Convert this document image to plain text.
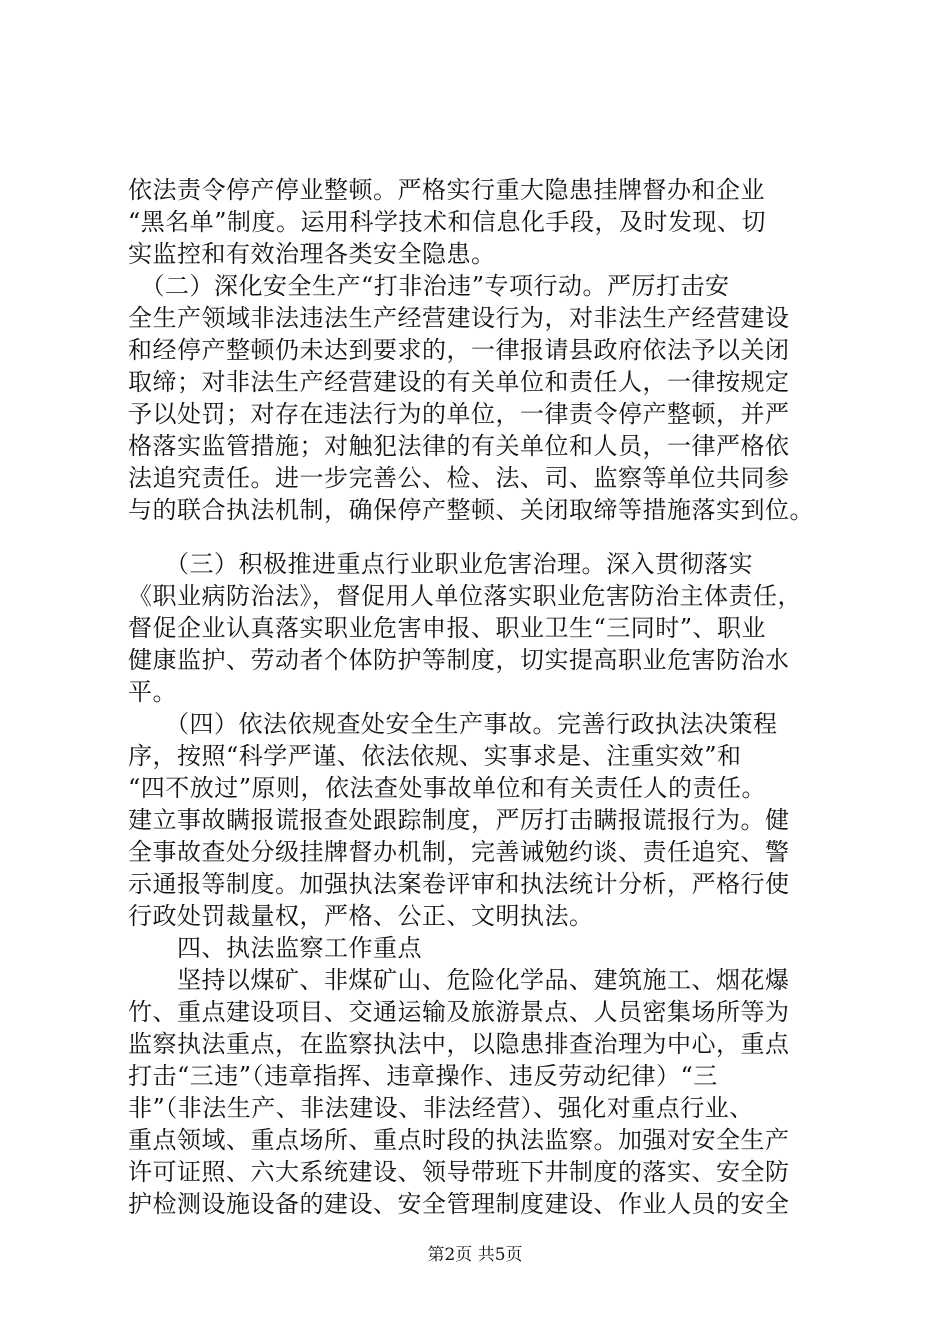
依法责令停产停业整顿。严格实行重大隐患挂牌督办和企业
“黑名单”制度。运用科学技术和信息化手段，及时发现、切
实监控和有效治理各类安全隐患。
　（二）深化安全生产“打非治违”专项行动。严厉打击安
全生产领域非法违法生产经营建设行为，对非法生产经营建设
和经停产整顿仍未达到要求的，一律报请县政府依法予以关闭
取缔；对非法生产经营建设的有关单位和责任人，一律按规定
予以处罚；对存在违法行为的单位，一律责令停产整顿，并严
格落实监管措施；对触犯法律的有关单位和人员，一律严格依
法追究责任。进一步完善公、检、法、司、监察等单位共同参
与的联合执法机制，确保停产整顿、关闭取缔等措施落实到位。
　　（三）积极推进重点行业职业危害治理。深入贯彻落实
《职业病防治法》，督促用人单位落实职业危害防治主体责任，
督促企业认真落实职业危害申报、职业卫生“三同时”、职业
健康监护、劳动者个体防护等制度，切实提高职业危害防治水
平。
　　（四）依法依规查处安全生产事故。完善行政执法决策程
序，按照“科学严谨、依法依规、实事求是、注重实效”和
“四不放过”原则，依法查处事故单位和有关责任人的责任。
建立事故瞒报谎报查处跟踪制度，严厉打击瞒报谎报行为。健
全事故查处分级挂牌督办机制，完善诫勉约谈、责任追究、警
示通报等制度。加强执法案卷评审和执法统计分析，严格行使
行政处罚裁量权，严格、公正、文明执法。
　　四、执法监察工作重点
　　坚持以煤矿、非煤矿山、危险化学品、建筑施工、烟花爆
竹、重点建设项目、交通运输及旅游景点、人员密集场所等为
监察执法重点，在监察执法中，以隐患排查治理为中心，重点
打击“三违”（违章指挥、违章操作、违反劳动纪律）“三
非”（非法生产、非法建设、非法经营）、强化对重点行业、
重点领域、重点场所、重点时段的执法监察。加强对安全生产
许可证照、六大系统建设、领导带班下井制度的落实、安全防
护检测设施设备的建设、安全管理制度建设、作业人员的安全
第2页 共5页
